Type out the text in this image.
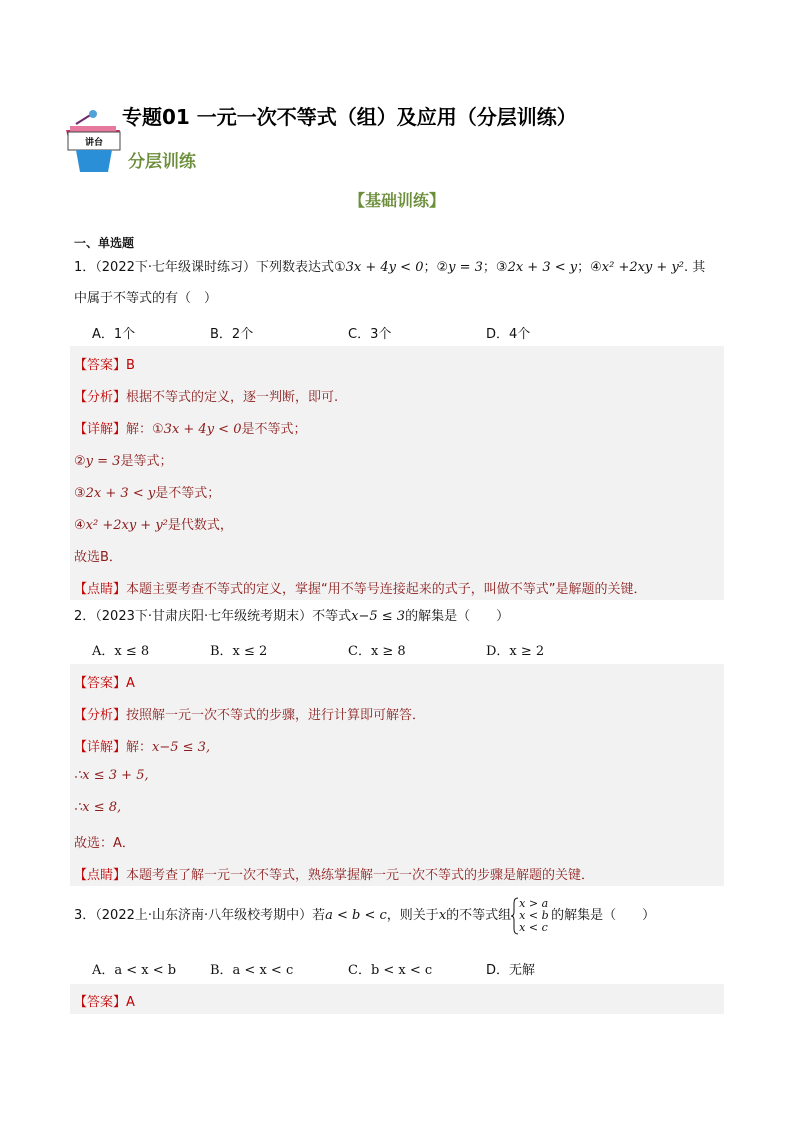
讲台
专题01 一元一次不等式（组）及应用（分层训练）
分层训练
【基础训练】
一、单选题
1．（2022下·七年级课时练习）下列数表达式①3x + 4y < 0；②y = 3；③2x + 3 < y；④x² +2xy + y². 其
中属于不等式的有（　）
A．1个	B．2个	C．3个	D．4个
【答案】B
【分析】根据不等式的定义，逐一判断，即可.
【详解】解：①3x + 4y < 0是不等式；
②y = 3是等式；
③2x + 3 < y是不等式；
④x² +2xy + y²是代数式，
故选B．
【点睛】本题主要考查不等式的定义，掌握“用不等号连接起来的式子，叫做不等式”是解题的关键．
2．（2023下·甘肃庆阳·七年级统考期末）不等式x−5 ≤ 3的解集是（　　）
A．x ≤ 8	B．x ≤ 2	C．x ≥ 8	D．x ≥ 2
【答案】A
【分析】按照解一元一次不等式的步骤，进行计算即可解答．
【详解】解：x−5 ≤ 3,
∴x ≤ 3 + 5,
∴x ≤ 8,
故选：A．
【点睛】本题考查了解一元一次不等式，熟练掌握解一元一次不等式的步骤是解题的关键．
3．（2022上·山东济南·八年级校考期中）若a < b < c，则关于x的不等式组
x > a
x < b
x < c
的解集是（　　）
A．a < x < b	B．a < x < c	C．b < x < c	D．无解
【答案】A
